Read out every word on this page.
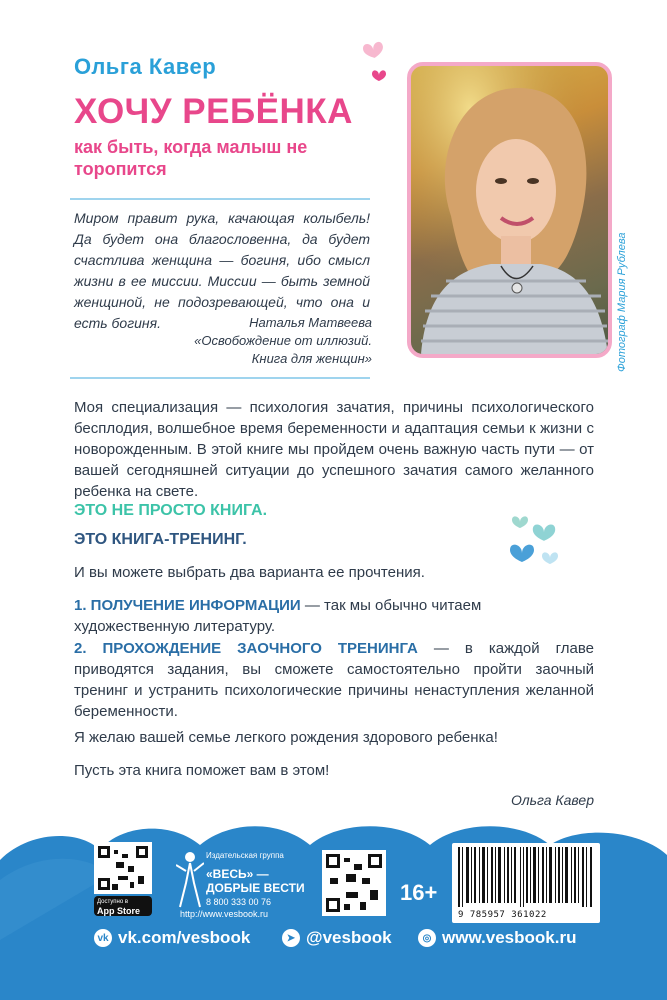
Ольга Кавер
ХОЧУ РЕБЁНКА
как быть, когда малыш не торопится
Миром правит рука, качающая колыбель! Да будет она благословенна, да будет счастлива женщина — богиня, ибо смысл жизни в ее миссии. Миссии — быть земной женщиной, не подозревающей, что она и есть богиня.	Наталья Матвеева
«Освобождение от иллюзий.
Книга для женщин»	Фотограф Мария Рублева
Моя специализация — психология зачатия, причины психологического бесплодия, волшебное время беременности и адаптация семьи к жизни с новорожденным. В этой книге мы пройдем очень важную часть пути — от вашей сегодняшней ситуации до успешного зачатия самого желанного ребенка на свете.
ЭТО НЕ ПРОСТО КНИГА.
ЭТО КНИГА-ТРЕНИНГ.
И вы можете выбрать два варианта ее прочтения.
1. ПОЛУЧЕНИЕ ИНФОРМАЦИИ — так мы обычно читаем художественную литературу.
2. ПРОХОЖДЕНИЕ ЗАОЧНОГО ТРЕНИНГА — в каждой главе приводятся задания, вы сможете самостоятельно пройти заочный тренинг и устранить психологические причины ненаступления желанной беременности.
Я желаю вашей семье легкого рождения здорового ребенка!
Пусть эта книга поможет вам в этом!
Ольга Кавер
Доступно в
App Store
Издательская группа
«ВЕСЬ» —
ДОБРЫЕ ВЕСТИ
8 800 333 00 76
http://www.vesbook.ru
16+
9 785957 361022
vk vk.com/vesbook	➤ @vesbook	◎ www.vesbook.ru
